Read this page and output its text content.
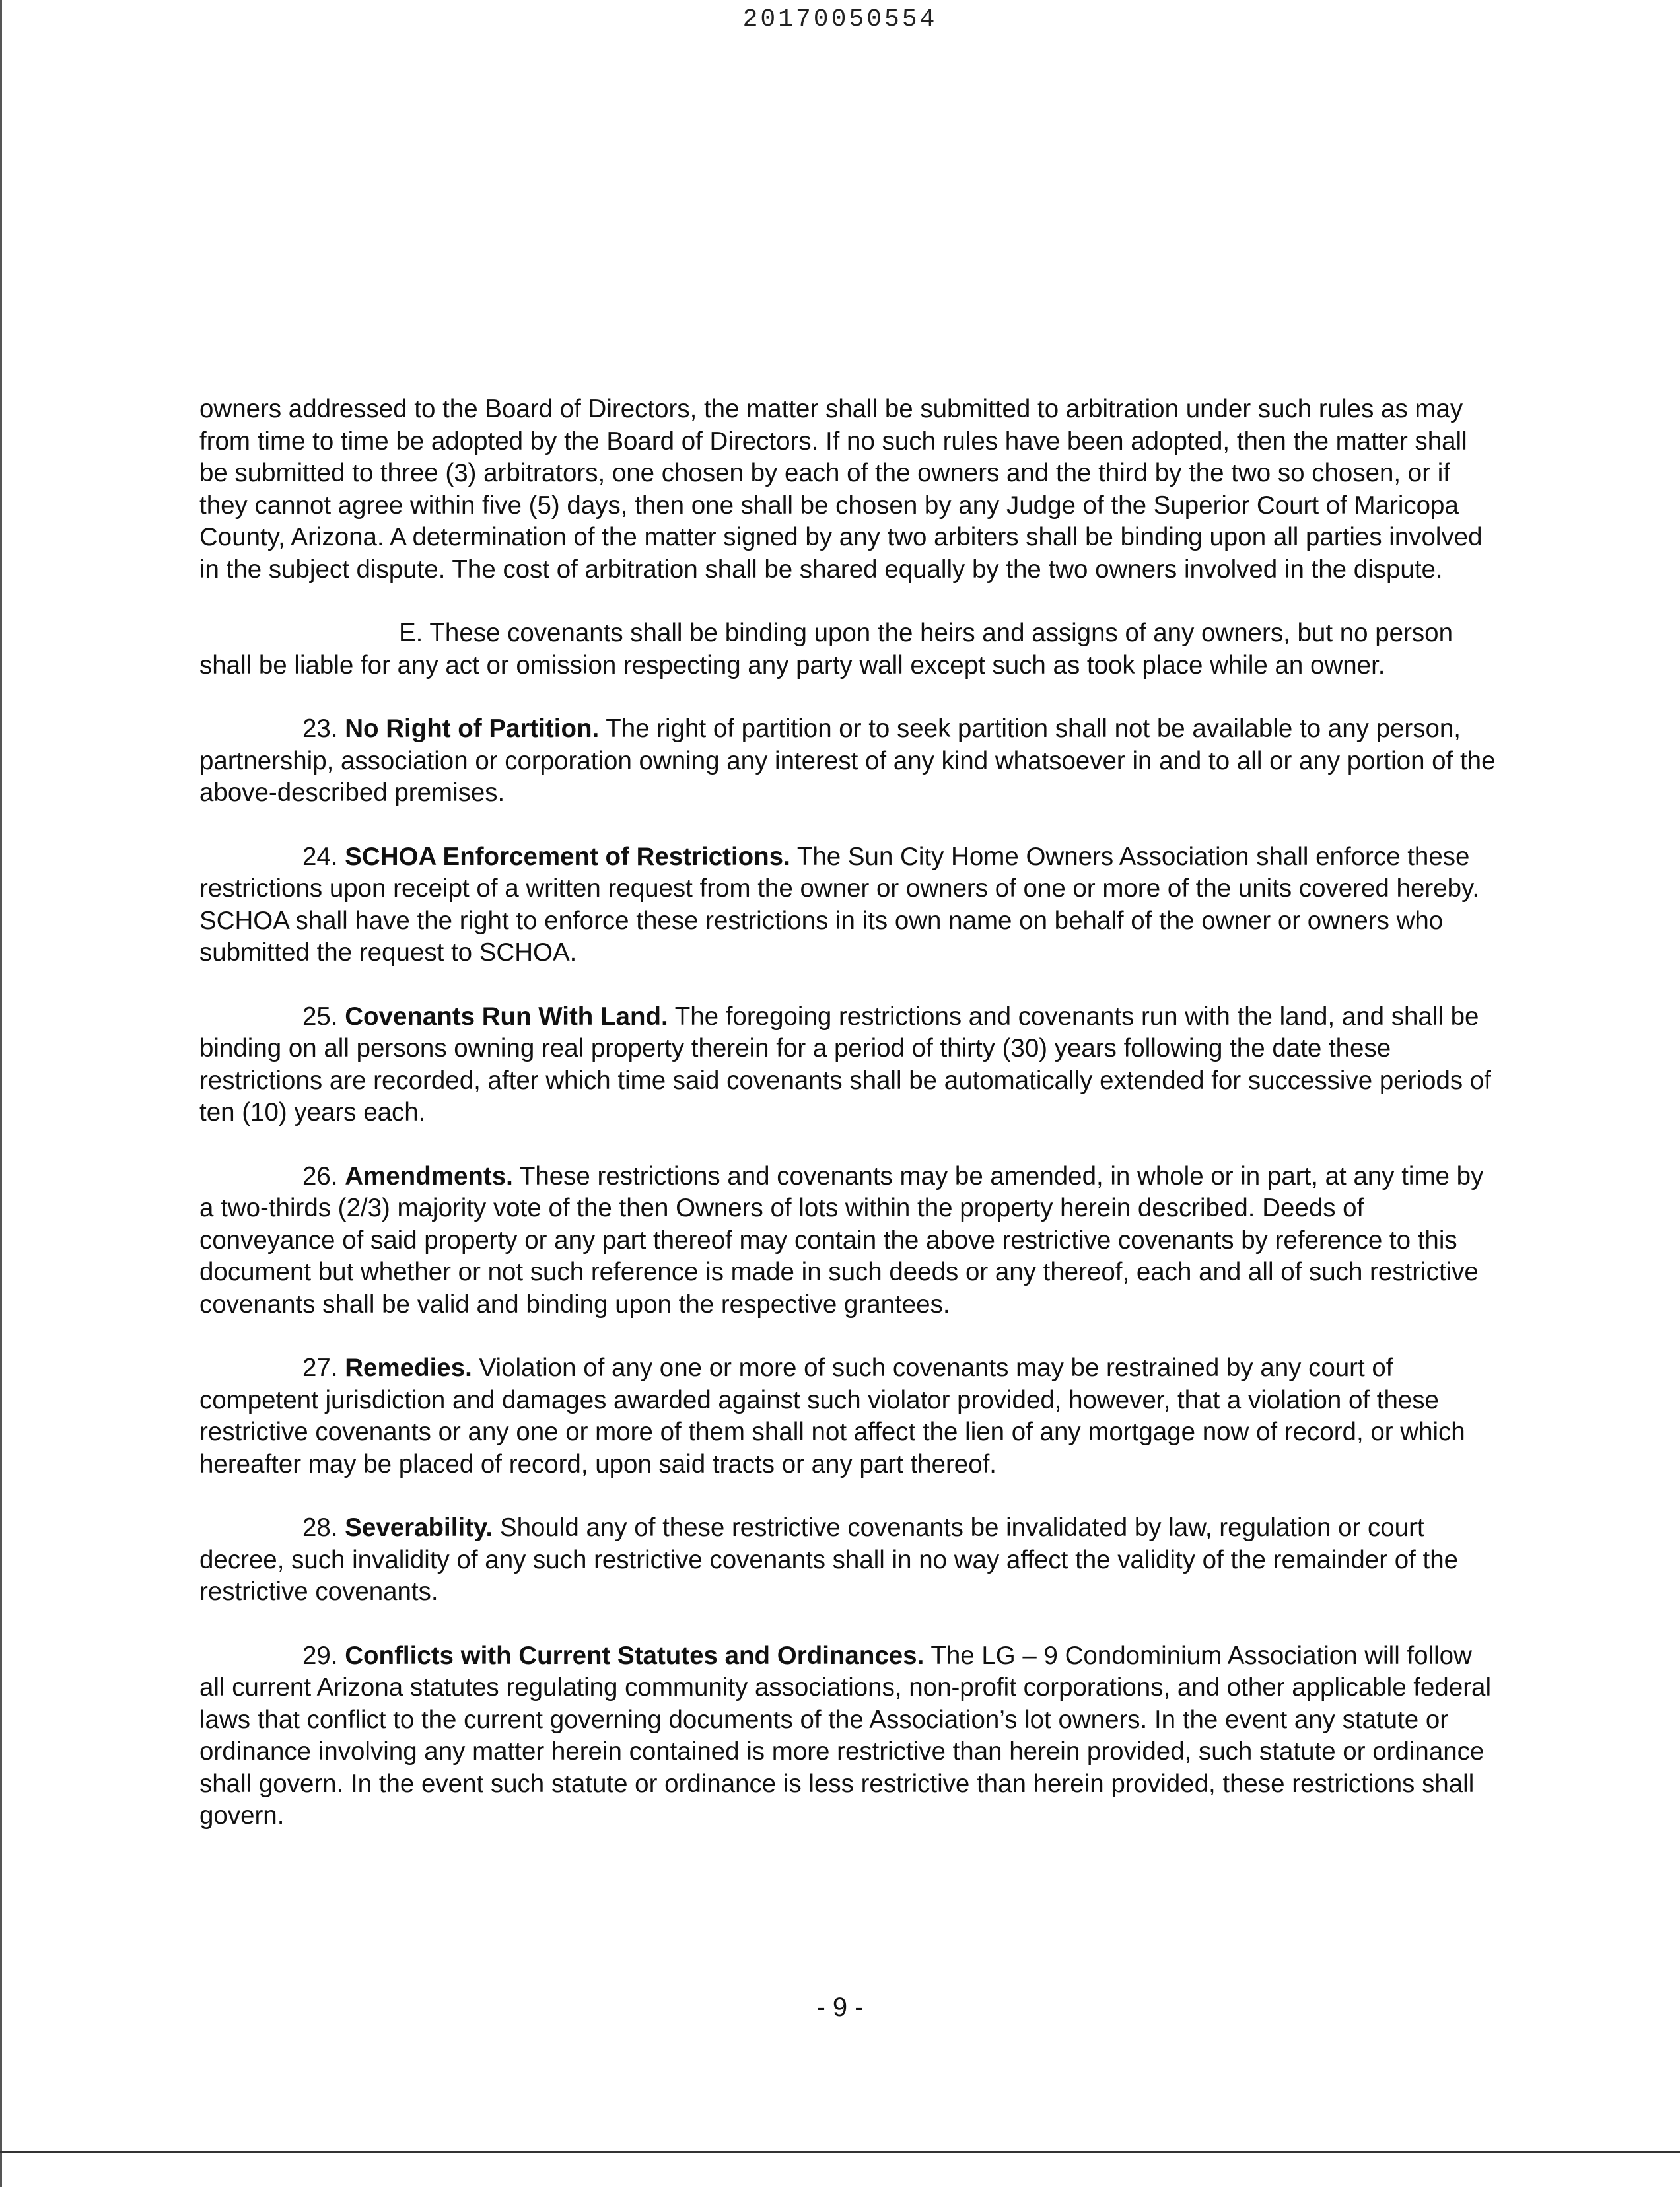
20170050554

owners addressed to the Board of Directors, the matter shall be submitted to arbitration under such rules as may from time to time be adopted by the Board of Directors. If no such rules have been adopted, then the matter shall be submitted to three (3) arbitrators, one chosen by each of the owners and the third by the two so chosen, or if they cannot agree within five (5) days, then one shall be chosen by any Judge of the Superior Court of Maricopa County, Arizona. A determination of the matter signed by any two arbiters shall be binding upon all parties involved in the subject dispute. The cost of arbitration shall be shared equally by the two owners involved in the dispute.

E. These covenants shall be binding upon the heirs and assigns of any owners, but no person shall be liable for any act or omission respecting any party wall except such as took place while an owner.

23. No Right of Partition. The right of partition or to seek partition shall not be available to any person, partnership, association or corporation owning any interest of any kind whatsoever in and to all or any portion of the above-described premises.

24. SCHOA Enforcement of Restrictions. The Sun City Home Owners Association shall enforce these restrictions upon receipt of a written request from the owner or owners of one or more of the units covered hereby. SCHOA shall have the right to enforce these restrictions in its own name on behalf of the owner or owners who submitted the request to SCHOA.

25. Covenants Run With Land. The foregoing restrictions and covenants run with the land, and shall be binding on all persons owning real property therein for a period of thirty (30) years following the date these restrictions are recorded, after which time said covenants shall be automatically extended for successive periods of ten (10) years each.

26. Amendments. These restrictions and covenants may be amended, in whole or in part, at any time by a two-thirds (2/3) majority vote of the then Owners of lots within the property herein described. Deeds of conveyance of said property or any part thereof may contain the above restrictive covenants by reference to this document but whether or not such reference is made in such deeds or any thereof, each and all of such restrictive covenants shall be valid and binding upon the respective grantees.

27. Remedies. Violation of any one or more of such covenants may be restrained by any court of competent jurisdiction and damages awarded against such violator provided, however, that a violation of these restrictive covenants or any one or more of them shall not affect the lien of any mortgage now of record, or which hereafter may be placed of record, upon said tracts or any part thereof.

28. Severability. Should any of these restrictive covenants be invalidated by law, regulation or court decree, such invalidity of any such restrictive covenants shall in no way affect the validity of the remainder of the restrictive covenants.

29. Conflicts with Current Statutes and Ordinances. The LG – 9 Condominium Association will follow all current Arizona statutes regulating community associations, non-profit corporations, and other applicable federal laws that conflict to the current governing documents of the Association’s lot owners. In the event any statute or ordinance involving any matter herein contained is more restrictive than herein provided, such statute or ordinance shall govern. In the event such statute or ordinance is less restrictive than herein provided, these restrictions shall govern.

- 9 -
